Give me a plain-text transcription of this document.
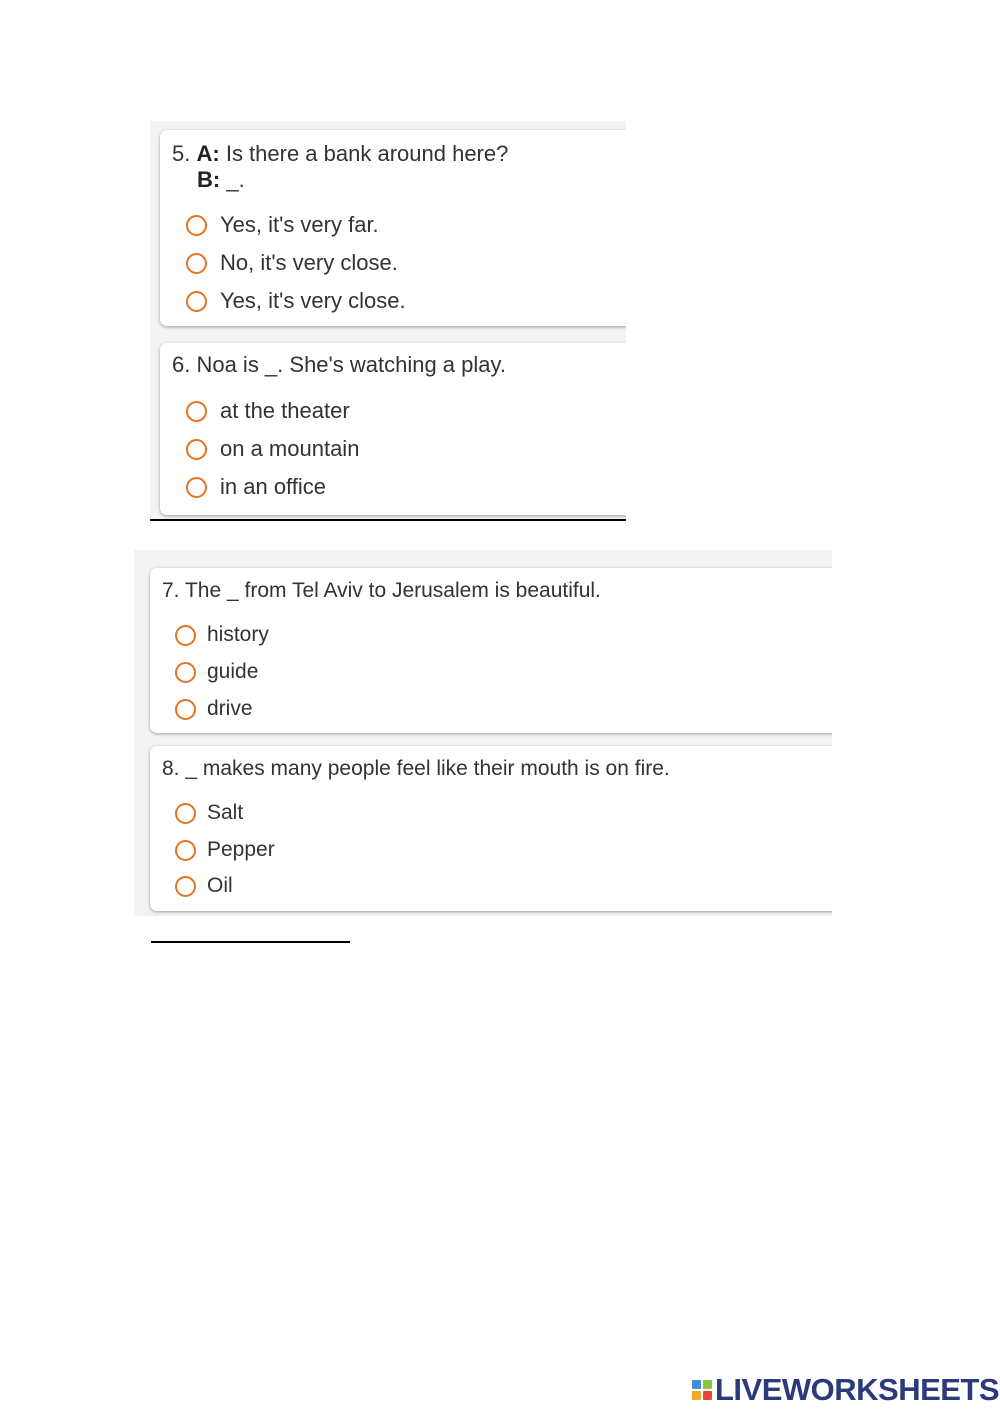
5. A: Is there a bank around here?
B: _.
Yes, it's very far.
No, it's very close.
Yes, it's very close.
6. Noa is _. She's watching a play.
at the theater
on a mountain
in an office
7. The _ from Tel Aviv to Jerusalem is beautiful.
history
guide
drive
8. _ makes many people feel like their mouth is on fire.
Salt
Pepper
Oil
LIVEWORKSHEETS
